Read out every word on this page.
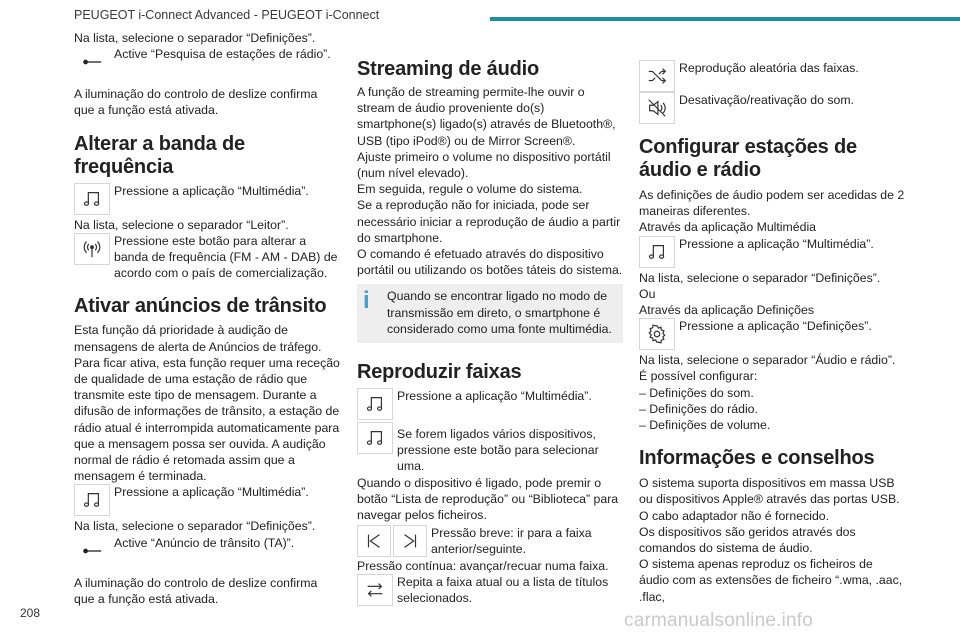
PEUGEOT i-Connect Advanced - PEUGEOT i-Connect

Na lista, selecione o separador “Definições”.

Active “Pesquisa de estações de rádio”.

A iluminação do controlo de deslize confirma que a função está ativada.

Alterar a banda de frequência
Pressione a aplicação “Multimédia”.

Na lista, selecione o separador “Leitor”.

Pressione este botão para alterar a banda de frequência (FM - AM - DAB) de acordo com o país de comercialização.
Ativar anúncios de trânsito

Esta função dá prioridade à audição de mensagens de alerta de Anúncios de tráfego. Para ficar ativa, esta função requer uma receção de qualidade de uma estação de rádio que transmite este tipo de mensagem. Durante a difusão de informações de trânsito, a estação de rádio atual é interrompida automaticamente para que a mensagem possa ser ouvida. A audição normal de rádio é retomada assim que a mensagem é terminada.

Pressione a aplicação “Multimédia”.

Na lista, selecione o separador “Definições”.

Active “Anúncio de trânsito (TA)”.

A iluminação do controlo de deslize confirma que a função está ativada.

Streaming de áudio

A função de streaming permite-lhe ouvir o stream de áudio proveniente do(s) smartphone(s) ligado(s) através de Bluetooth®, USB (tipo iPod®) ou de Mirror Screen®.

Ajuste primeiro o volume no dispositivo portátil (num nível elevado).

Em seguida, regule o volume do sistema.

Se a reprodução não for iniciada, pode ser necessário iniciar a reprodução de áudio a partir do smartphone.

O comando é efetuado através do dispositivo portátil ou utilizando os botões táteis do sistema.

i	Quando se encontrar ligado no modo de transmissão em direto, o smartphone é considerado como uma fonte multimédia.
Reproduzir faixas
Pressione a aplicação “Multimédia”.
Se forem ligados vários dispositivos, pressione este botão para selecionar uma.

Quando o dispositivo é ligado, pode premir o botão “Lista de reprodução” ou “Biblioteca” para navegar pelos ficheiros.

Pressão breve: ir para a faixa anterior/seguinte.

Pressão contínua: avançar/recuar numa faixa.

Repita a faixa atual ou a lista de títulos selecionados.
Reprodução aleatória das faixas.
Desativação/reativação do som.
Configurar estações de áudio e rádio

As definições de áudio podem ser acedidas de 2 maneiras diferentes.

Através da aplicação Multimédia

Pressione a aplicação “Multimédia”.

Na lista, selecione o separador “Definições”.

Ou

Através da aplicação Definições

Pressione a aplicação “Definições”.

Na lista, selecione o separador “Áudio e rádio”.

É possível configurar:

– Definições do som.

– Definições do rádio.

– Definições de volume.

Informações e conselhos

O sistema suporta dispositivos em massa USB ou dispositivos Apple® através das portas USB. O cabo adaptador não é fornecido.

Os dispositivos são geridos através dos comandos do sistema de áudio.

O sistema apenas reproduz os ficheiros de áudio com as extensões de ficheiro “.wma, .aac, .flac,

208	carmanualsonline.info
